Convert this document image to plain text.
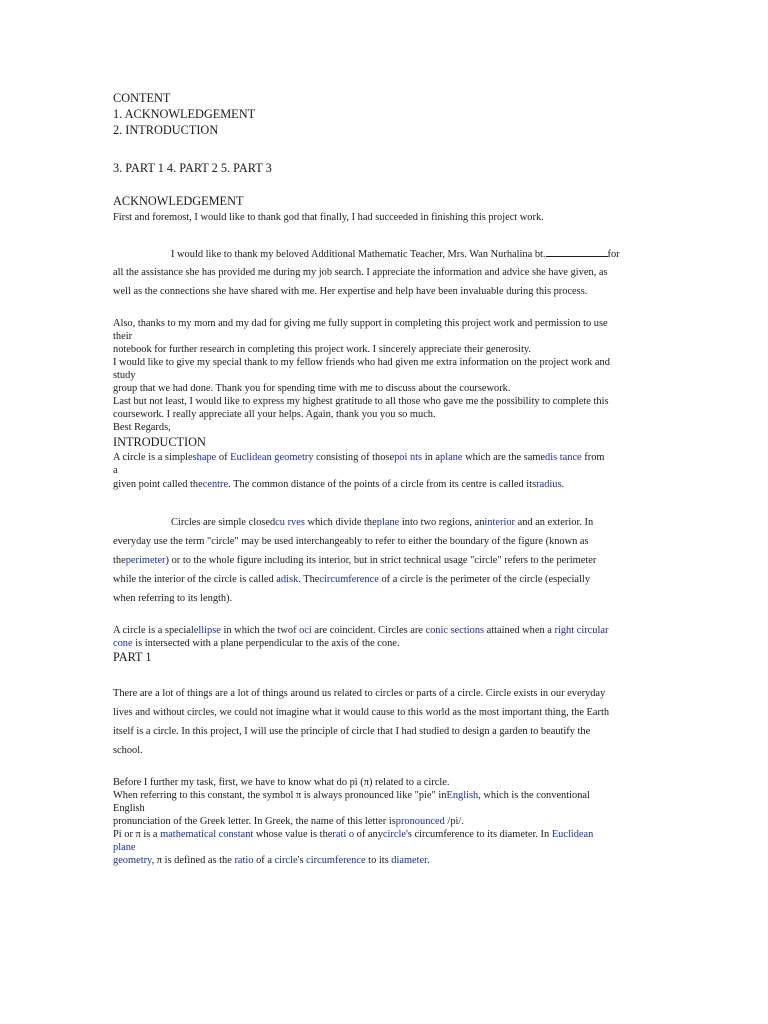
CONTENT
1. ACKNOWLEDGEMENT
2. INTRODUCTION
3. PART 1 4. PART 2 5. PART 3
ACKNOWLEDGEMENT
First and foremost, I would like to thank god that finally, I had succeeded in finishing this project work.
I would like to thank my beloved Additional Mathematic Teacher, Mrs. Wan Nurhalina bt.	for
all the assistance she has provided me during my job search. I appreciate the information and advice she have given, as
well as the connections she have shared with me. Her expertise and help have been invaluable during this process.
Also, thanks to my mom and my dad for giving me fully support in completing this project work and permission to use
their
notebook for further research in completing this project work. I sincerely appreciate their generosity.
I would like to give my special thank to my fellow friends who had given me extra information on the project work and
study
group that we had done. Thank you for spending time with me to discuss about the coursework.
Last but not least, I would like to express my highest gratitude to all those who gave me the possibility to complete this
coursework. I really appreciate all your helps. Again, thank you you so much.
Best Regards,
INTRODUCTION
A circle is a simpleshape of Euclidean geometry consisting of thosepoi nts in aplane which are the samedis tance from
a
given point called thecentre. The common distance of the points of a circle from its centre is called itsradius.
Circles are simple closedcu rves which divide theplane into two regions, aninterior and an exterior. In
everyday use the term "circle" may be used interchangeably to refer to either the boundary of the figure (known as
theperimeter) or to the whole figure including its interior, but in strict technical usage "circle" refers to the perimeter
while the interior of the circle is called adisk. Thecircumference of a circle is the perimeter of the circle (especially
when referring to its length).
A circle is a specialellipse in which the twof oci are coincident. Circles are conic sections attained when a right circular
cone is intersected with a plane perpendicular to the axis of the cone.
PART 1
There are a lot of things are a lot of things around us related to circles or parts of a circle. Circle exists in our everyday
lives and without circles, we could not imagine what it would cause to this world as the most important thing, the Earth
itself is a circle. In this project, I will use the principle of circle that I had studied to design a garden to beautify the
school.
Before I further my task, first, we have to know what do pi (π) related to a circle.
When referring to this constant, the symbol π is always pronounced like "pie" inEnglish, which is the conventional
English
pronunciation of the Greek letter. In Greek, the name of this letter ispronounced /pi/.
Pi or π is a mathematical constant whose value is therati o of anycircle's circumference to its diameter. In Euclidean
plane
geometry, π is defined as the ratio of a circle's circumference to its diameter.
